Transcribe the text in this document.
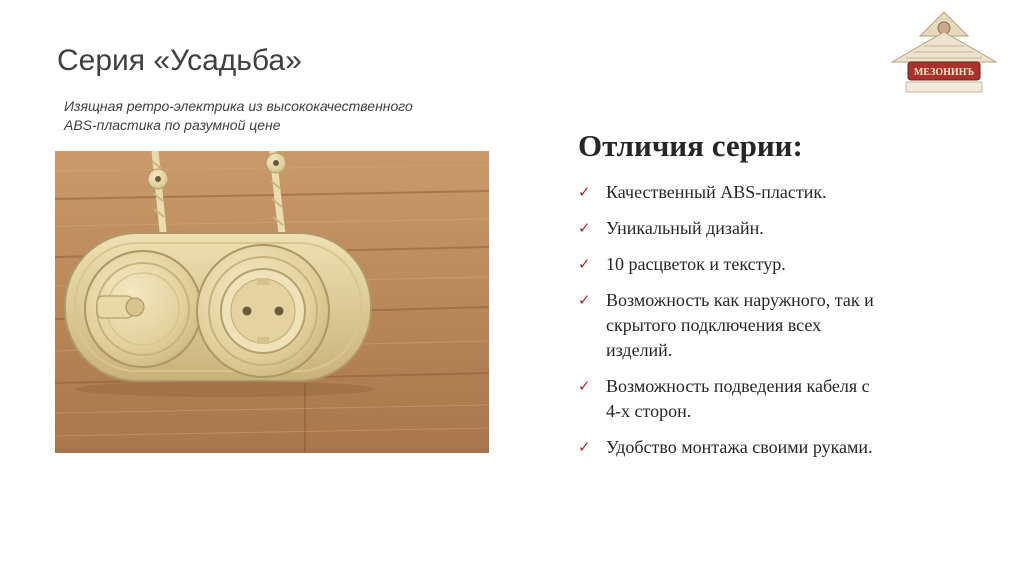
Серия «Усадьба»
Изящная ретро-электрика из высококачественного
ABS-пластика по разумной цене
МЕЗОНИНЪ
Отличия серии:
✓ Качественный ABS-пластик.
✓ Уникальный дизайн.
✓ 10 расцветок и текстур.
✓ Возможность как наружного, так и
скрытого подключения всех
изделий.
✓ Возможность подведения кабеля с
4-х сторон.
✓ Удобство монтажа своими руками.
